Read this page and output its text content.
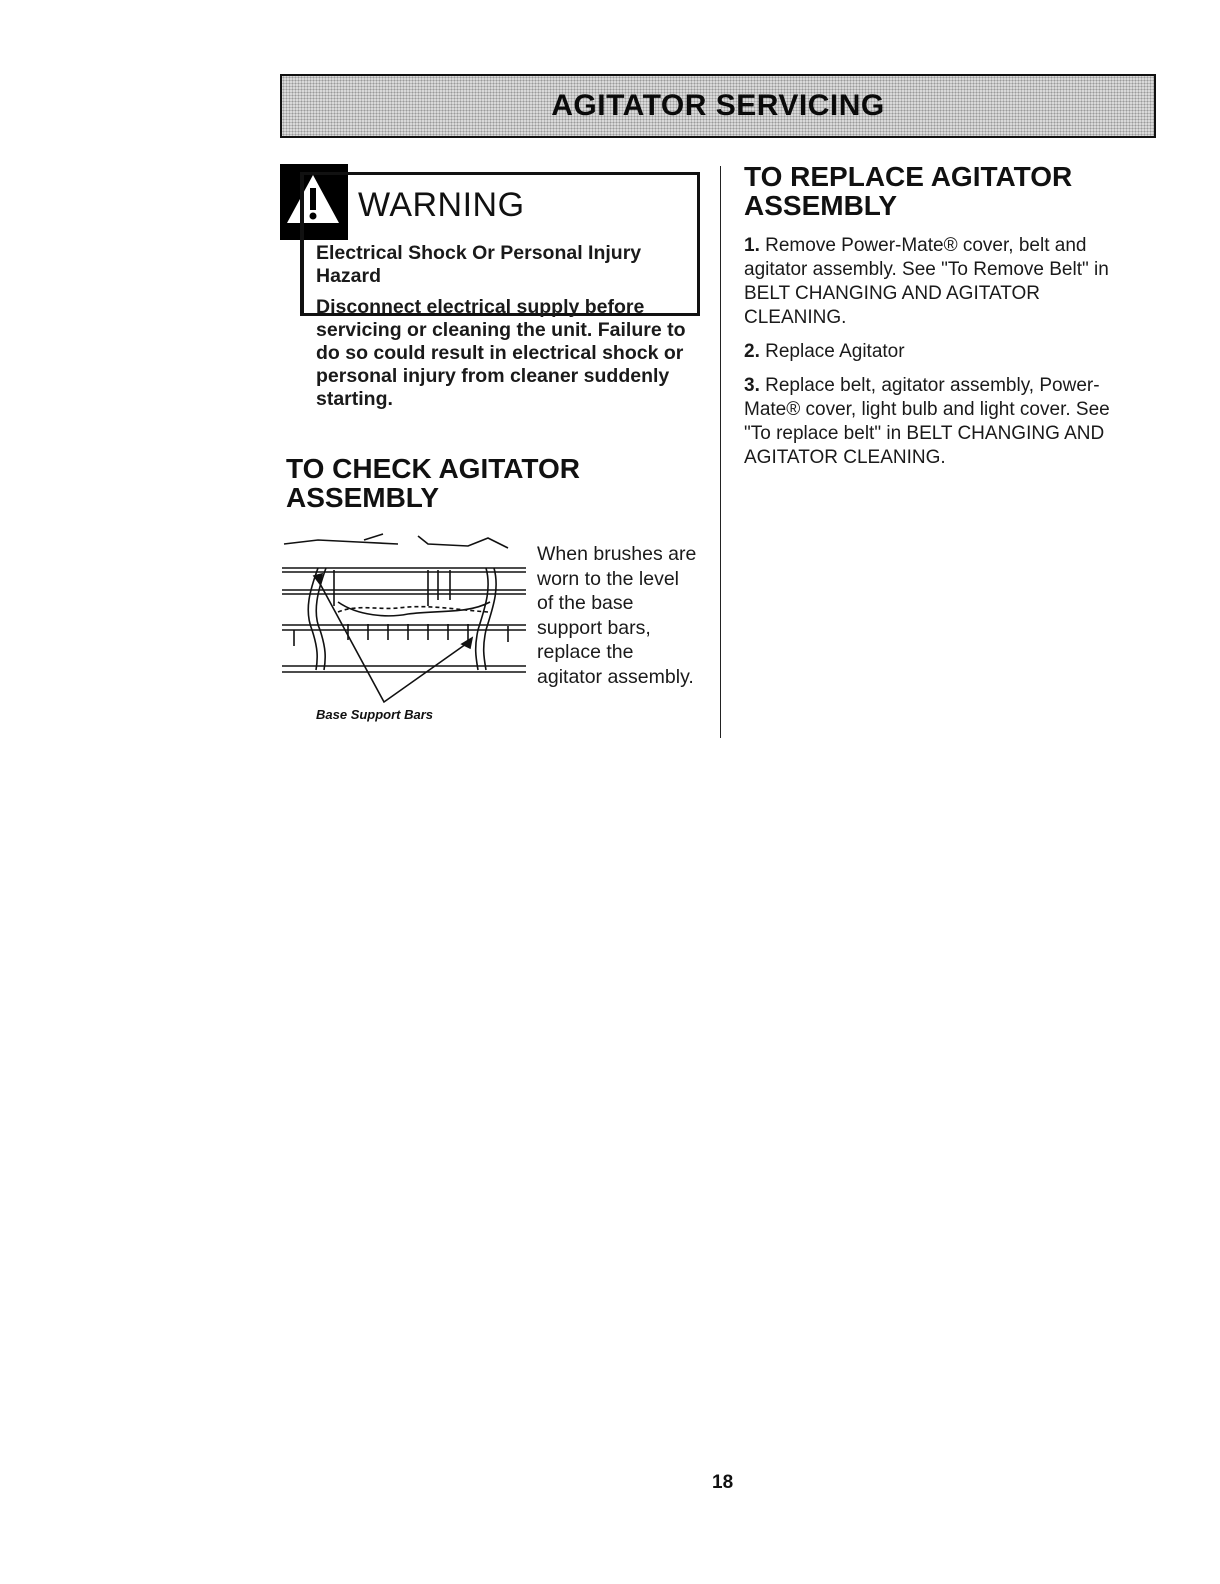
AGITATOR SERVICING
WARNING

Electrical Shock Or Personal Injury Hazard

Disconnect electrical supply before servicing or cleaning the unit. Failure to do so could result in electrical shock or personal injury from cleaner suddenly starting.

TO CHECK AGITATOR
ASSEMBLY
Base Support Bars
When brushes are worn to the level of the base support bars, replace the agitator assembly.
TO REPLACE AGITATOR
ASSEMBLY

1. Remove Power-Mate® cover, belt and agitator assembly. See "To Remove Belt" in BELT CHANGING AND AGITATOR CLEANING.

2. Replace Agitator

3. Replace belt, agitator assembly, Power-Mate® cover, light bulb and light cover. See "To replace belt" in BELT CHANGING AND AGITATOR CLEANING.

18
